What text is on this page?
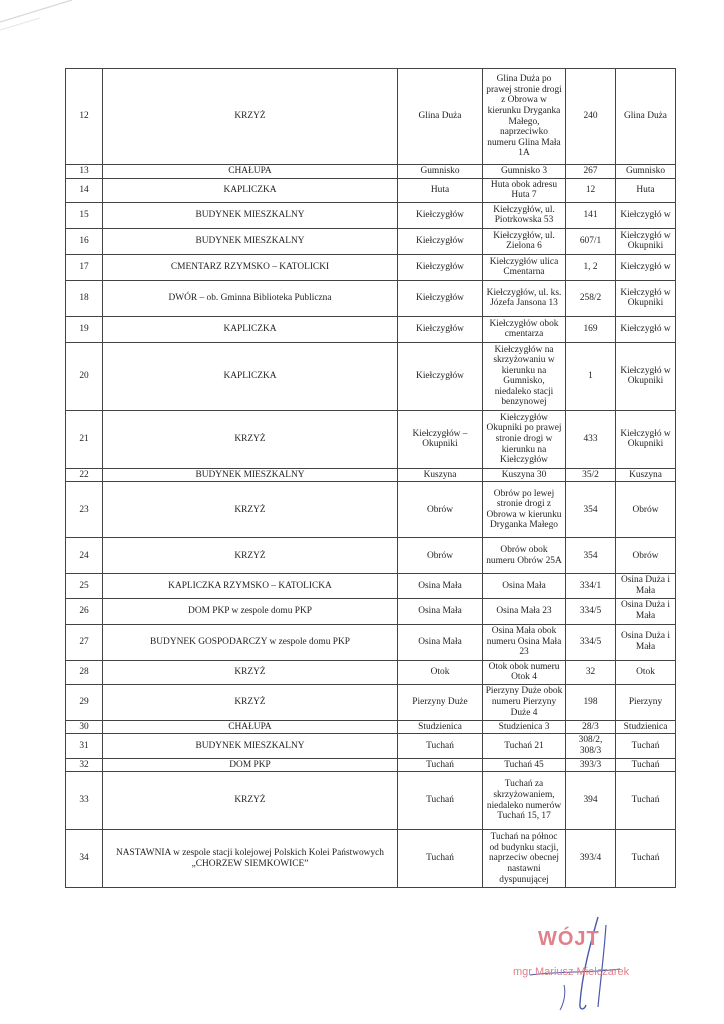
12	KRZYŻ	Glina Duża	Glina Duża po prawej stronie drogi z Obrowa w kierunku Dryganka Małego, naprzeciwko numeru Glina Mała 1A	240	Glina Duża
13	CHAŁUPA	Gumnisko	Gumnisko 3	267	Gumnisko
14	KAPLICZKA	Huta	Huta obok adresu Huta 7	12	Huta
15	BUDYNEK MIESZKALNY	Kiełczygłów	Kiełczygłów, ul. Piotrkowska 53	141	Kiełczygłó w
16	BUDYNEK MIESZKALNY	Kiełczygłów	Kiełczygłów, ul. Zielona 6	607/1	Kiełczygłó w Okupniki
17	CMENTARZ RZYMSKO – KATOLICKI	Kiełczygłów	Kiełczygłów ulica Cmentarna	1, 2	Kiełczygłó w
18	DWÓR – ob. Gminna Biblioteka Publiczna	Kiełczygłów	Kiełczygłów, ul. ks. Józefa Jansona 13	258/2	Kiełczygłó w Okupniki
19	KAPLICZKA	Kiełczygłów	Kiełczygłów obok cmentarza	169	Kiełczygłó w
20	KAPLICZKA	Kiełczygłów	Kiełczygłów na skrzyżowaniu w kierunku na Gumnisko, niedaleko stacji benzynowej	1	Kiełczygłó w Okupniki
21	KRZYŻ	Kiełczygłów – Okupniki	Kiełczygłów Okupniki po prawej stronie drogi w kierunku na Kiełczygłów	433	Kiełczygłó w Okupniki
22	BUDYNEK MIESZKALNY	Kuszyna	Kuszyna 30	35/2	Kuszyna
23	KRZYŻ	Obrów	Obrów po lewej stronie drogi z Obrowa w kierunku Dryganka Małego	354	Obrów
24	KRZYŻ	Obrów	Obrów obok numeru Obrów 25A	354	Obrów
25	KAPLICZKA RZYMSKO – KATOLICKA	Osina Mała	Osina Mała	334/1	Osina Duża i Mała
26	DOM PKP w zespole domu PKP	Osina Mała	Osina Mała 23	334/5	Osina Duża i Mała
27	BUDYNEK GOSPODARCZY w zespole domu PKP	Osina Mała	Osina Mała obok numeru Osina Mała 23	334/5	Osina Duża i Mała
28	KRZYŻ	Otok	Otok obok numeru Otok 4	32	Otok
29	KRZYŻ	Pierzyny Duże	Pierzyny Duże obok numeru Pierzyny Duże 4	198	Pierzyny
30	CHAŁUPA	Studzienica	Studzienica 3	28/3	Studzienica
31	BUDYNEK MIESZKALNY	Tuchań	Tuchań 21	308/2, 308/3	Tuchań
32	DOM PKP	Tuchań	Tuchań 45	393/3	Tuchań
33	KRZYŻ	Tuchań	Tuchań za skrzyżowaniem, niedaleko numerów Tuchań 15, 17	394	Tuchań
34	NASTAWNIA w zespole stacji kolejowej Polskich Kolei Państwowych „CHORZEW SIEMKOWICE”	Tuchań	Tuchań na północ od budynku stacji, naprzeciw obecnej nastawni dyspunującej	393/4	Tuchań
WÓJT
mgr Mariusz Mielczarek
